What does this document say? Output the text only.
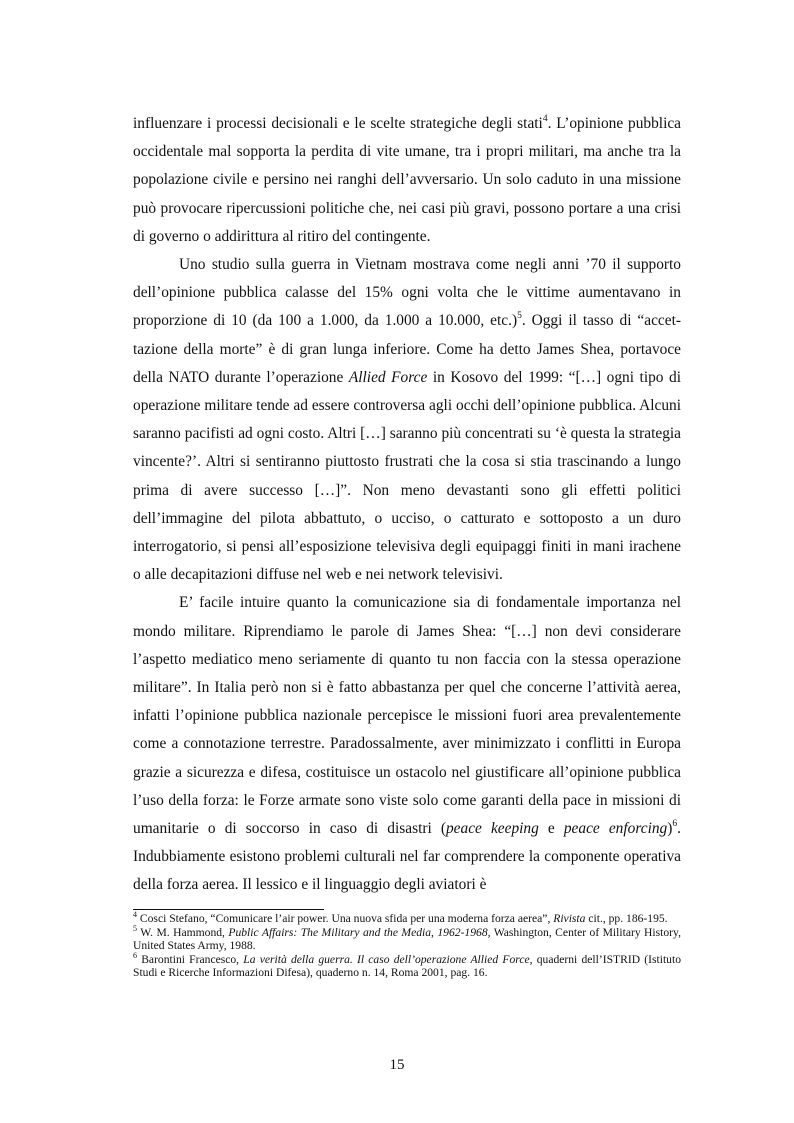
influenzare i processi decisionali e le scelte strategiche degli stati$^4$. L’opinione pubblica occidentale mal sopporta la perdita di vite umane, tra i propri militari, ma anche tra la popolazione civile e persino nei ranghi dell’avversario. Un solo caduto in una missione può provocare ripercussioni politiche che, nei casi più gravi, possono portare a una crisi di governo o addirittura al ritiro del contingente.

Uno studio sulla guerra in Vietnam mostrava come negli anni ’70 il supporto dell’opinione pubblica calasse del 15% ogni volta che le vittime aumentavano in proporzione di 10 (da 100 a 1.000, da 1.000 a 10.000, etc.)$^5$. Oggi il tasso di “accet-tazione della morte” è di gran lunga inferiore. Come ha detto James Shea, portavoce della NATO durante l’operazione Allied Force in Kosovo del 1999: “[…] ogni tipo di operazione militare tende ad essere controversa agli occhi dell’opinione pubblica. Alcuni saranno pacifisti ad ogni costo. Altri […] saranno più concentrati su ‘è questa la strategia vincente?’. Altri si sentiranno piuttosto frustrati che la cosa si stia trascinando a lungo prima di avere successo […]”. Non meno devastanti sono gli effetti politici dell’immagine del pilota abbattuto, o ucciso, o catturato e sottoposto a un duro interrogatorio, si pensi all’esposizione televisiva degli equipaggi finiti in mani irachene o alle decapitazioni diffuse nel web e nei network televisivi.

E’ facile intuire quanto la comunicazione sia di fondamentale importanza nel mondo militare. Riprendiamo le parole di James Shea: “[…] non devi considerare l’aspetto mediatico meno seriamente di quanto tu non faccia con la stessa operazione militare”. In Italia però non si è fatto abbastanza per quel che concerne l’attività aerea, infatti l’opinione pubblica nazionale percepisce le missioni fuori area prevalentemente come a connotazione terrestre. Paradossalmente, aver minimizzato i conflitti in Europa grazie a sicurezza e difesa, costituisce un ostacolo nel giustificare all’opinione pubblica l’uso della forza: le Forze armate sono viste solo come garanti della pace in missioni di umanitarie o di soccorso in caso di disastri (peace keeping e peace enforcing)$^6$. Indubbiamente esistono problemi culturali nel far comprendere la componente operativa della forza aerea. Il lessico e il linguaggio degli aviatori è

$^4$ Cosci Stefano, “Comunicare l’air power. Una nuova sfida per una moderna forza aerea”, Rivista cit., pp. 186-195.

$^5$ W. M. Hammond, Public Affairs: The Military and the Media, 1962-1968, Washington, Center of Military History, United States Army, 1988.

$^6$ Barontini Francesco, La verità della guerra. Il caso dell’operazione Allied Force, quaderni dell’ISTRID (Istituto Studi e Ricerche Informazioni Difesa), quaderno n. 14, Roma 2001, pag. 16.

15
